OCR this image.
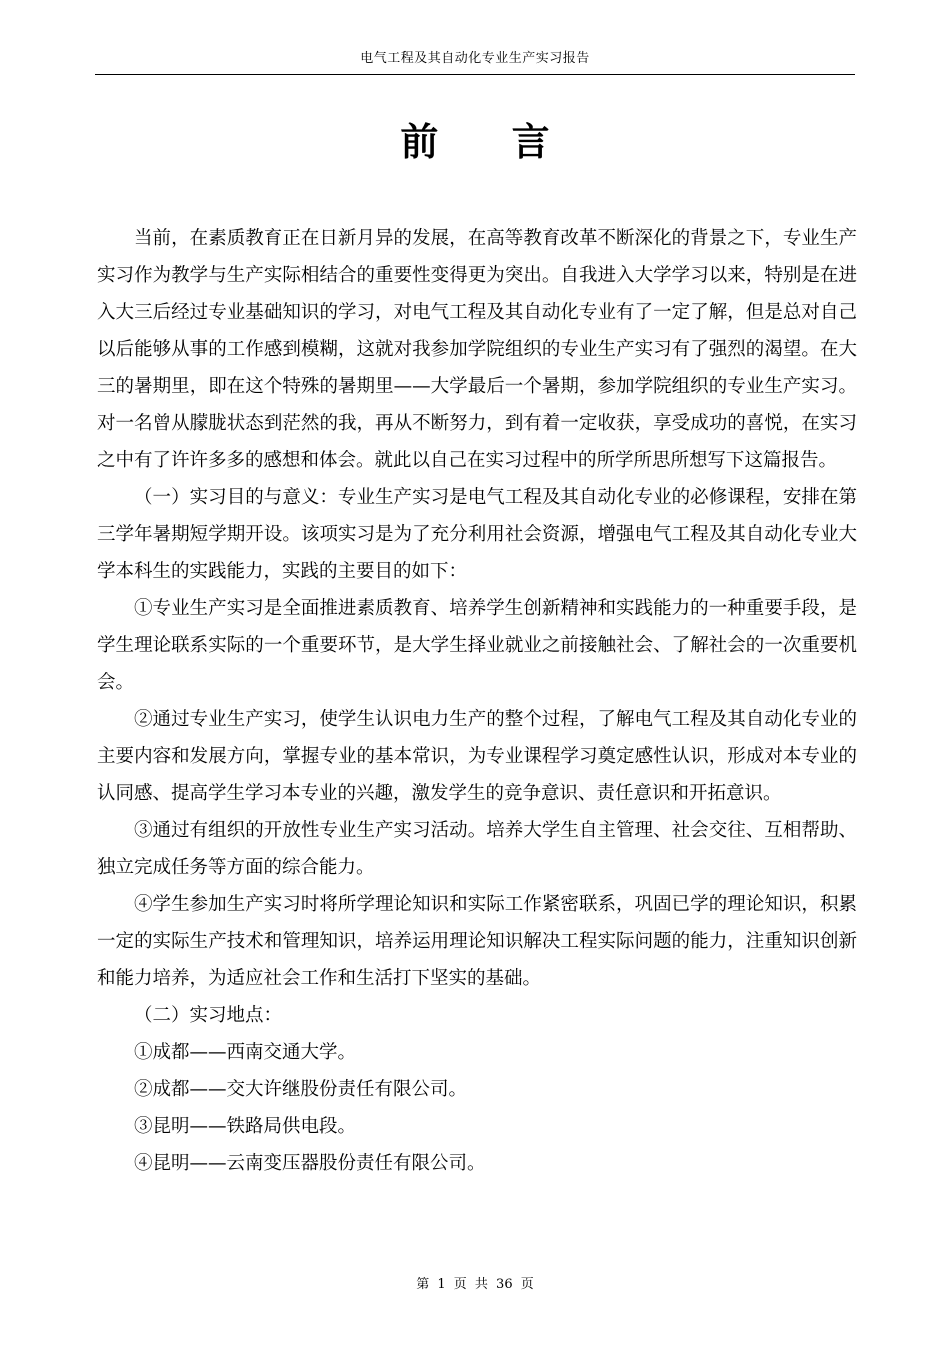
电气工程及其自动化专业生产实习报告
前 言

当前，在素质教育正在日新月异的发展，在高等教育改革不断深化的背景之下，专业生产实习作为教学与生产实际相结合的重要性变得更为突出。自我进入大学学习以来，特别是在进入大三后经过专业基础知识的学习，对电气工程及其自动化专业有了一定了解，但是总对自己以后能够从事的工作感到模糊，这就对我参加学院组织的专业生产实习有了强烈的渴望。在大三的暑期里，即在这个特殊的暑期里——大学最后一个暑期，参加学院组织的专业生产实习。对一名曾从朦胧状态到茫然的我，再从不断努力，到有着一定收获，享受成功的喜悦，在实习之中有了许许多多的感想和体会。就此以自己在实习过程中的所学所思所想写下这篇报告。

（一）实习目的与意义：专业生产实习是电气工程及其自动化专业的必修课程，安排在第三学年暑期短学期开设。该项实习是为了充分利用社会资源，增强电气工程及其自动化专业大学本科生的实践能力，实践的主要目的如下：

①专业生产实习是全面推进素质教育、培养学生创新精神和实践能力的一种重要手段，是学生理论联系实际的一个重要环节，是大学生择业就业之前接触社会、了解社会的一次重要机会。

②通过专业生产实习，使学生认识电力生产的整个过程，了解电气工程及其自动化专业的主要内容和发展方向，掌握专业的基本常识，为专业课程学习奠定感性认识，形成对本专业的认同感、提高学生学习本专业的兴趣，激发学生的竞争意识、责任意识和开拓意识。

③通过有组织的开放性专业生产实习活动。培养大学生自主管理、社会交往、互相帮助、独立完成任务等方面的综合能力。

④学生参加生产实习时将所学理论知识和实际工作紧密联系，巩固已学的理论知识，积累一定的实际生产技术和管理知识，培养运用理论知识解决工程实际问题的能力，注重知识创新和能力培养，为适应社会工作和生活打下坚实的基础。

（二）实习地点：

①成都——西南交通大学。

②成都——交大许继股份责任有限公司。

③昆明——铁路局供电段。

④昆明——云南变压器股份责任有限公司。

第 1 页 共 36 页
